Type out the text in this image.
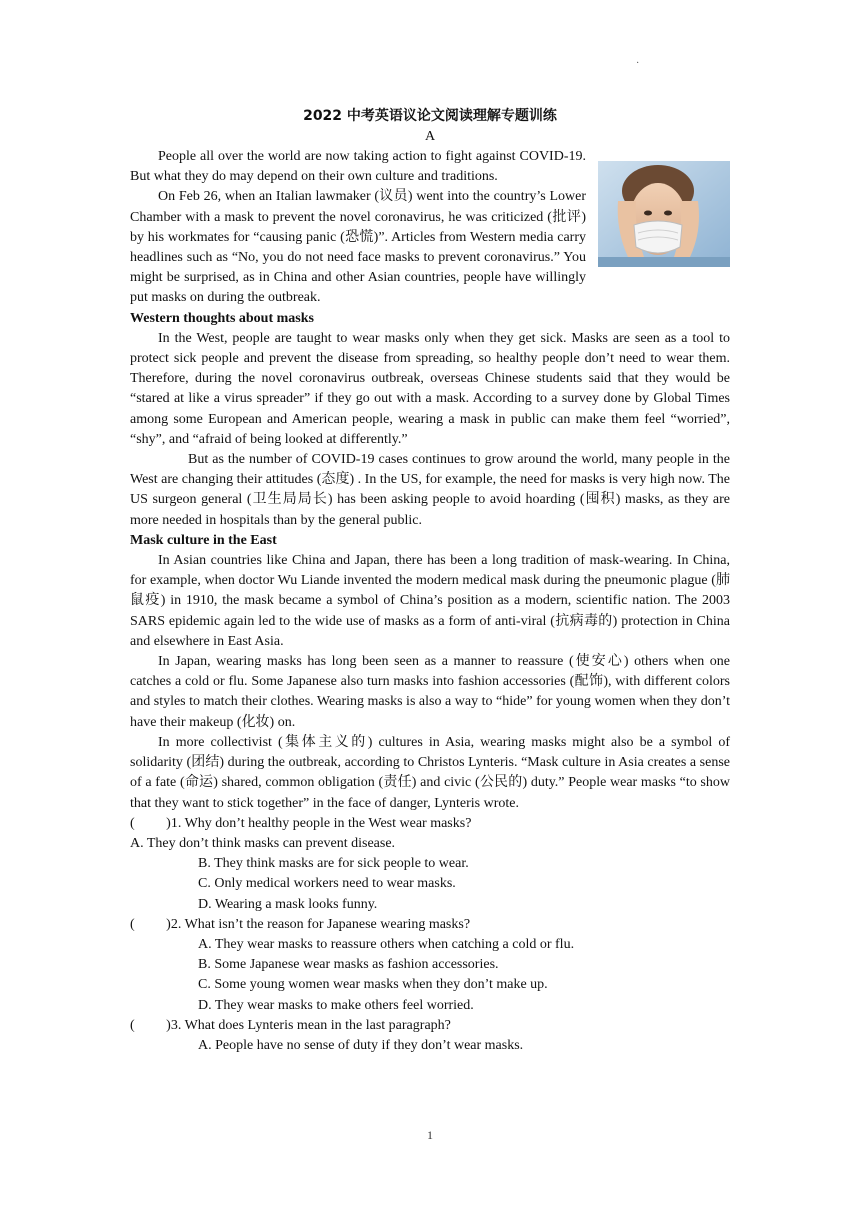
·
2022 中考英语议论文阅读理解专题训练
A

People all over the world are now taking action to fight against COVID-19. But what they do may depend on their own culture and traditions.

On Feb 26, when an Italian lawmaker (议员) went into the country’s Lower Chamber with a mask to prevent the novel coronavirus, he was criticized (批评) by his workmates for “causing panic (恐慌)”. Articles from Western media carry headlines such as “No, you do not need face masks to prevent coronavirus.” You might be surprised, as in China and other Asian countries, people have willingly put masks on during the outbreak.

Western thoughts about masks

In the West, people are taught to wear masks only when they get sick. Masks are seen as a tool to protect sick people and prevent the disease from spreading, so healthy people don’t need to wear them. Therefore, during the novel coronavirus outbreak, overseas Chinese students said that they would be “stared at like a virus spreader” if they go out with a mask. According to a survey done by Global Times among some European and American people, wearing a mask in public can make them feel “worried”, “shy”, and “afraid of being looked at differently.”

But as the number of COVID-19 cases continues to grow around the world, many people in the West are changing their attitudes (态度) . In the US, for example, the need for masks is very high now. The US surgeon general (卫生局局长) has been asking people to avoid hoarding (囤积) masks, as they are more needed in hospitals than by the general public.

Mask culture in the East

In Asian countries like China and Japan, there has been a long tradition of mask-wearing. In China, for example, when doctor Wu Liande invented the modern medical mask during the pneumonic plague (肺鼠疫) in 1910, the mask became a symbol of China’s position as a modern, scientific nation. The 2003 SARS epidemic again led to the wide use of masks as a form of anti-viral (抗病毒的) protection in China and elsewhere in East Asia.

In Japan, wearing masks has long been seen as a manner to reassure (使安心) others when one catches a cold or flu. Some Japanese also turn masks into fashion accessories (配饰), with different colors and styles to match their clothes. Wearing masks is also a way to “hide” for young women when they don’t have their makeup (化妆) on.

In more collectivist (集体主义的) cultures in Asia, wearing masks might also be a symbol of solidarity (团结) during the outbreak, according to Christos Lynteris. “Mask culture in Asia creates a sense of a fate (命运) shared, common obligation (责任) and civic (公民的) duty.” People wear masks “to show that they want to stick together” in the face of danger, Lynteris wrote.

(         )1. Why don’t healthy people in the West wear masks?

A. They don’t think masks can prevent disease.

B. They think masks are for sick people to wear.

C. Only medical workers need to wear masks.

D. Wearing a mask looks funny.

(         )2. What isn’t the reason for Japanese wearing masks?

A. They wear masks to reassure others when catching a cold or flu.

B. Some Japanese wear masks as fashion accessories.

C. Some young women wear masks when they don’t make up.

D. They wear masks to make others feel worried.

(         )3. What does Lynteris mean in the last paragraph?

A. People have no sense of duty if they don’t wear masks.

1
